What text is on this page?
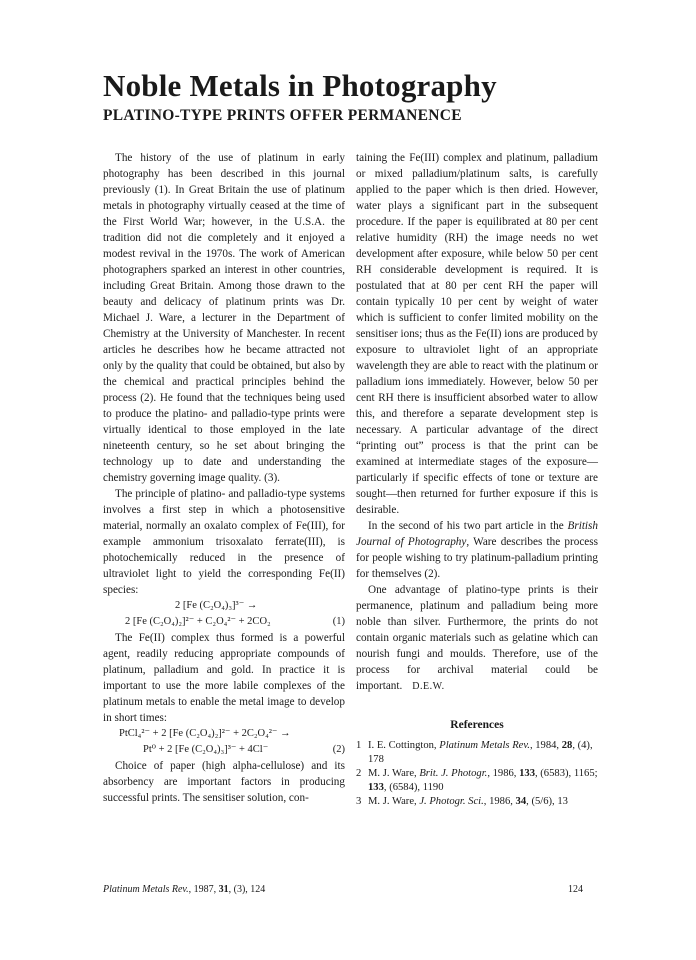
Noble Metals in Photography
PLATINO-TYPE PRINTS OFFER PERMANENCE

The history of the use of platinum in early photography has been described in this journal previously (1). In Great Britain the use of platinum metals in photography virtually ceased at the time of the First World War; however, in the U.S.A. the tradition did not die completely and it enjoyed a modest revival in the 1970s. The work of American photographers sparked an interest in other countries, including Great Britain. Among those drawn to the beauty and delicacy of platinum prints was Dr. Michael J. Ware, a lecturer in the Department of Chemistry at the University of Manchester. In recent articles he describes how he became attracted not only by the quality that could be obtained, but also by the chemical and practical principles behind the process (2). He found that the techniques being used to produce the platino- and palladio-type prints were virtually identical to those employed in the late nineteenth century, so he set about bringing the technology up to date and understanding the chemistry governing image quality. (3).

The principle of platino- and palladio-type systems involves a first step in which a photosensitive material, normally an oxalato complex of Fe(III), for example ammonium trisoxalato ferrate(III), is photochemically reduced in the presence of ultraviolet light to yield the corresponding Fe(II) species:

2 [Fe (C₂O₄)₃]³⁻ →
2 [Fe (C₂O₄)₂]²⁻ + C₂O₄²⁻ + 2CO₂	(1)

The Fe(II) complex thus formed is a powerful agent, readily reducing appropriate compounds of platinum, palladium and gold. In practice it is important to use the more labile complexes of the platinum metals to enable the metal image to develop in short times:

PtCl₄²⁻ + 2 [Fe (C₂O₄)₂]²⁻ + 2C₂O₄²⁻ →
Pt⁰ + 2 [Fe (C₂O₄)₃]³⁻ + 4Cl⁻	(2)

Choice of paper (high alpha-cellulose) and its absorbency are important factors in producing successful prints. The sensitiser solution, con-

taining the Fe(III) complex and platinum, palladium or mixed palladium/platinum salts, is carefully applied to the paper which is then dried. However, water plays a significant part in the subsequent procedure. If the paper is equilibrated at 80 per cent relative humidity (RH) the image needs no wet development after exposure, while below 50 per cent RH considerable development is required. It is postulated that at 80 per cent RH the paper will contain typically 10 per cent by weight of water which is sufficient to confer limited mobility on the sensitiser ions; thus as the Fe(II) ions are produced by exposure to ultraviolet light of an appropriate wavelength they are able to react with the platinum or palladium ions immediately. However, below 50 per cent RH there is insufficient absorbed water to allow this, and therefore a separate development step is necessary. A particular advantage of the direct “printing out” process is that the print can be examined at intermediate stages of the exposure—particularly if specific effects of tone or texture are sought—then returned for further exposure if this is desirable.

In the second of his two part article in the British Journal of Photography, Ware describes the process for people wishing to try platinum-palladium printing for themselves (2).

One advantage of platino-type prints is their permanence, platinum and palladium being more noble than silver. Furthermore, the prints do not contain organic materials such as gelatine which can nourish fungi and moulds. Therefore, use of the process for archival material could be important. D.E.W.

References
1 I. E. Cottington, Platinum Metals Rev., 1984, 28, (4), 178
2 M. J. Ware, Brit. J. Photogr., 1986, 133, (6583), 1165; 133, (6584), 1190
3 M. J. Ware, J. Photogr. Sci., 1986, 34, (5/6), 13
Platinum Metals Rev., 1987, 31, (3), 124	124
